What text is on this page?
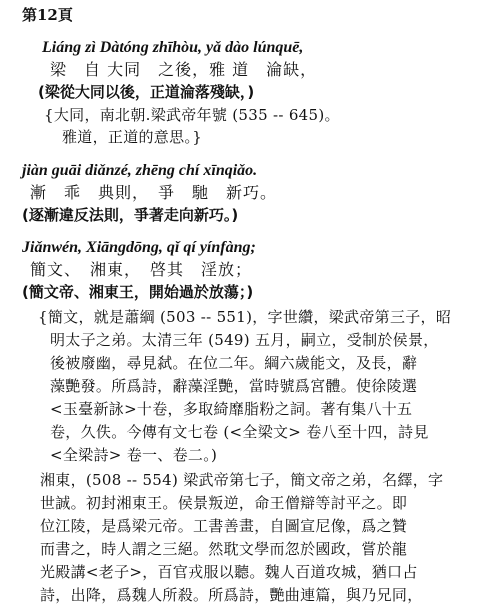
第12頁
Liáng zì Dàtóng zhīhòu, yǎ dào lúnquē,
梁　自 大同　之後，雅 道　淪缺，
(梁從大同以後，正道淪落殘缺，)
{大同，南北朝.梁武帝年號 (535 -- 645)。
雅道，正道的意思。}
jiàn guāi diǎnzé, zhēng chí xīnqiǎo.
漸　乖　典則，　爭　馳　新巧。
(逐漸違反法則，爭著走向新巧。)
Jiǎnwén, Xiāngdōng, qǐ qí yínfàng;
簡文、　湘東，　啓其　淫放；
(簡文帝、湘東王，開始過於放蕩；)
{簡文，就是蕭綱 (503 -- 551)，字世纘，梁武帝第三子，昭
明太子之弟。太清三年 (549) 五月，嗣立，受制於侯景，
後被廢幽，尋見弑。在位二年。綱六歲能文，及長，辭
藻艷發。所爲詩，辭藻淫艷，當時號爲宮體。使徐陵選
<玉臺新詠>十卷，多取綺靡脂粉之詞。著有集八十五
卷，久佚。今傳有文七卷 (<全梁文> 卷八至十四，詩見
<全梁詩> 卷一、卷二。)
湘東，(508 -- 554) 梁武帝第七子，簡文帝之弟，名繹，字
世誠。初封湘東王。侯景叛逆，命王僧辯等討平之。即
位江陵，是爲梁元帝。工書善畫，自圖宣尼像，爲之贊
而書之，時人謂之三絕。然耽文學而忽於國政，嘗於龍
光殿講<老子>，百官戎服以聽。魏人百道攻城，猶口占
詩，出降，爲魏人所殺。所爲詩，艷曲連篇，與乃兄同，
